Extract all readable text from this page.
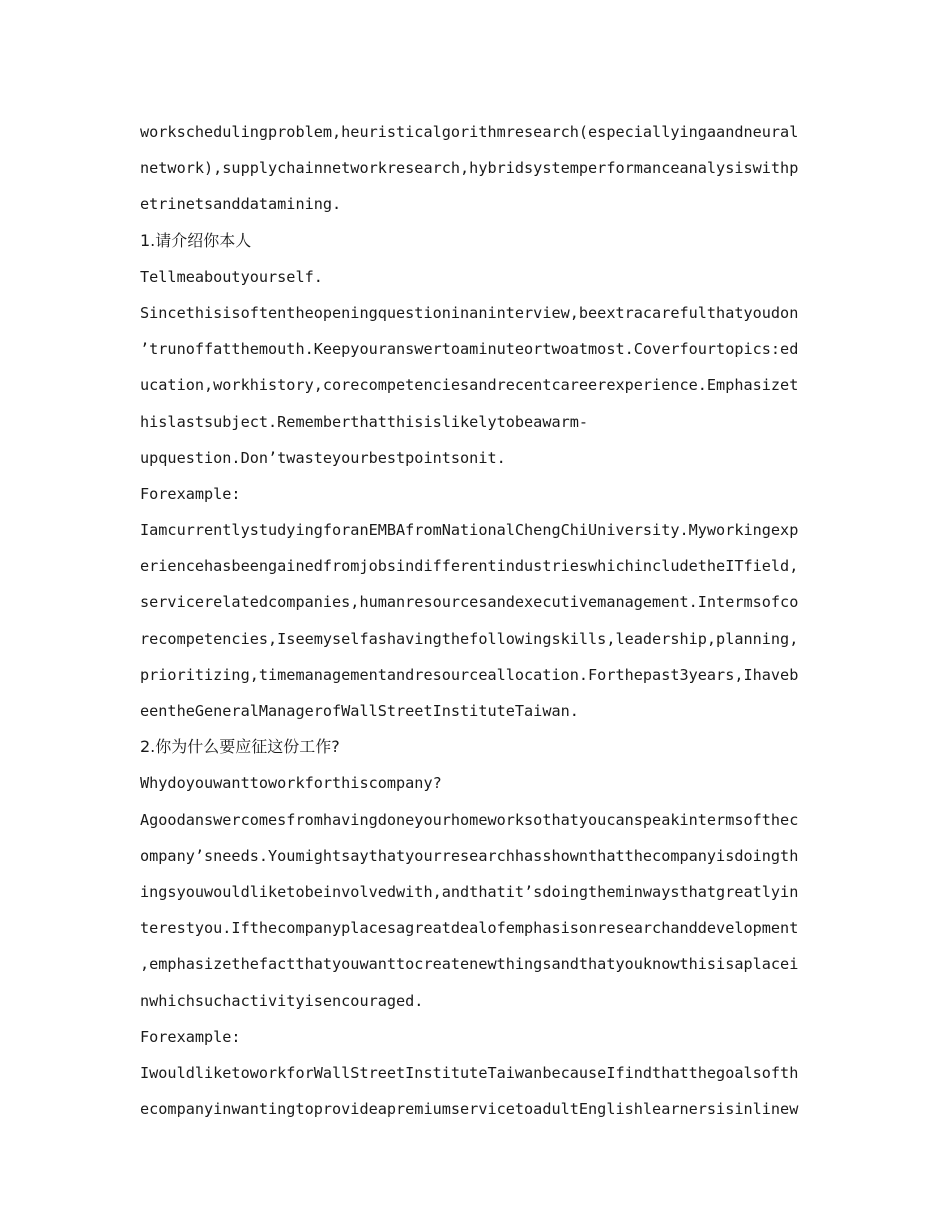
workschedulingproblem,heuristicalgorithmresearch(especiallyingaandneural
network),supplychainnetworkresearch,hybridsystemperformanceanalysiswithp
etrinetsanddatamining.
1.请介绍你本人
Tellmeaboutyourself.
Sincethisisoftentheopeningquestioninaninterview,beextracarefulthatyoudon
’trunoffatthemouth.Keepyouranswertoaminuteortwoatmost.Coverfourtopics:ed
ucation,workhistory,corecompetenciesandrecentcareerexperience.Emphasizet
hislastsubject.Rememberthatthisislikelytobeawarm-
upquestion.Don’twasteyourbestpointsonit.
Forexample:
IamcurrentlystudyingforanEMBAfromNationalChengChiUniversity.Myworkingexp
eriencehasbeengainedfromjobsindifferentindustrieswhichincludetheITfield,
servicerelatedcompanies,humanresourcesandexecutivemanagement.Intermsofco
recompetencies,Iseemyselfashavingthefollowingskills,leadership,planning,
prioritizing,timemanagementandresourceallocation.Forthepast3years,Ihaveb
eentheGeneralManagerofWallStreetInstituteTaiwan.
2.你为什么要应征这份工作?
Whydoyouwanttoworkforthiscompany?
Agoodanswercomesfromhavingdoneyourhomeworksothatyoucanspeakintermsofthec
ompany’sneeds.Youmightsaythatyourresearchhasshownthatthecompanyisdoingth
ingsyouwouldliketobeinvolvedwith,andthatit’sdoingtheminwaysthatgreatlyin
terestyou.Ifthecompanyplacesagreatdealofemphasisonresearchanddevelopment
,emphasizethefactthatyouwanttocreatenewthingsandthatyouknowthisisaplacei
nwhichsuchactivityisencouraged.
Forexample:
IwouldliketoworkforWallStreetInstituteTaiwanbecauseIfindthatthegoalsofth
ecompanyinwantingtoprovideapremiumservicetoadultEnglishlearnersisinlinew
